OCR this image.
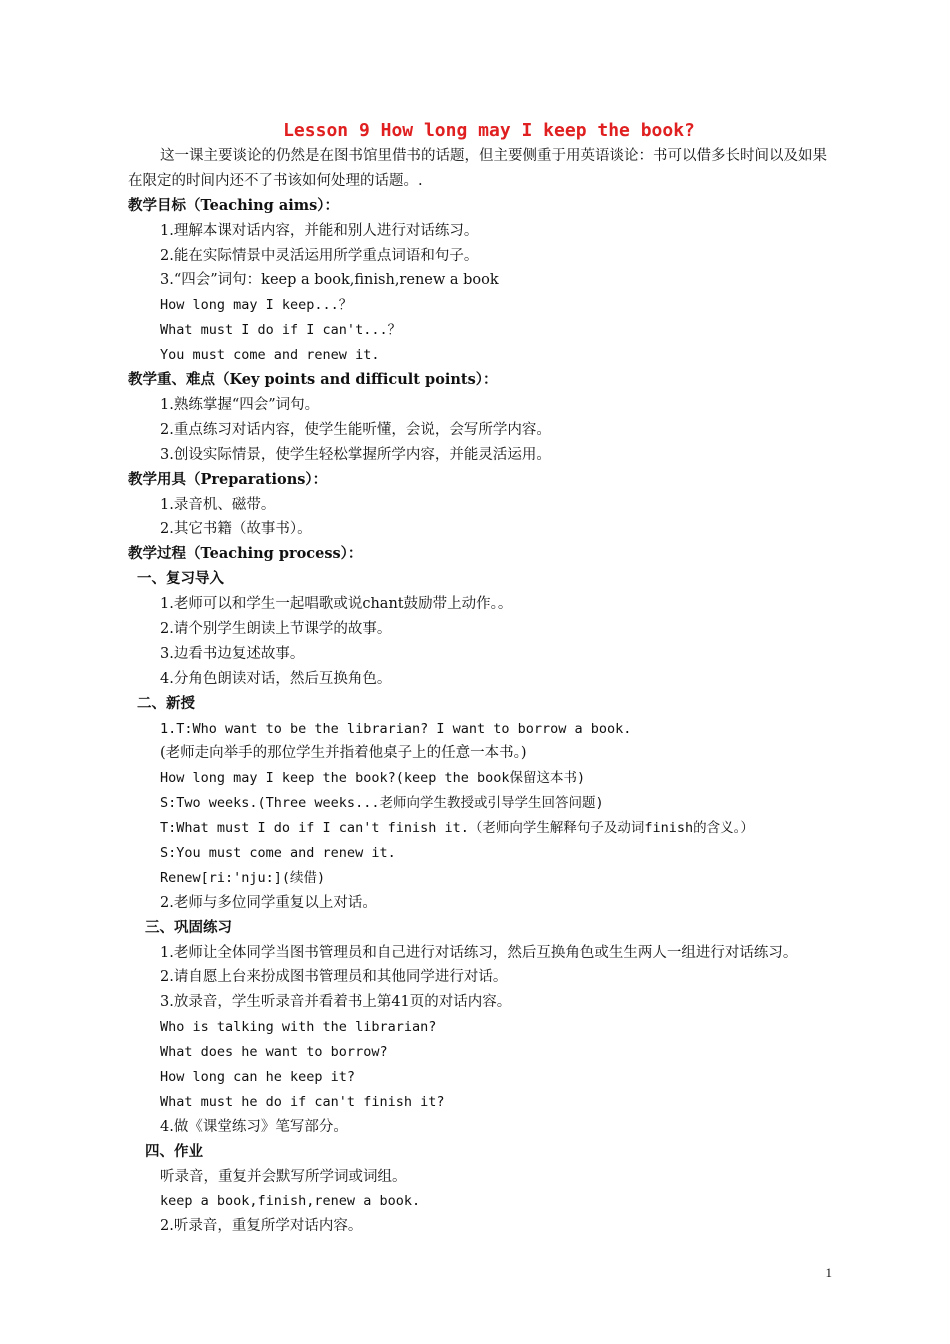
Lesson 9 How long may I keep the book?
这一课主要谈论的仍然是在图书馆里借书的话题，但主要侧重于用英语谈论：书可以借多长时间以及如果在限定的时间内还不了书该如何处理的话题。.
教学目标（Teaching aims）：
1.理解本课对话内容，并能和别人进行对话练习。
2.能在实际情景中灵活运用所学重点词语和句子。
3.“四会”词句：keep a book,finish,renew a book
How long may I keep...？
What must I do if I can't...？
You must come and renew it.
教学重、难点（Key points and difficult points）：
1.熟练掌握“四会”词句。
2.重点练习对话内容，使学生能听懂，会说，会写所学内容。
3.创设实际情景，使学生轻松掌握所学内容，并能灵活运用。
教学用具（Preparations）：
1.录音机、磁带。
2.其它书籍（故事书）。
教学过程（Teaching process）：
一、复习导入
1.老师可以和学生一起唱歌或说chant鼓励带上动作。。
2.请个别学生朗读上节课学的故事。
3.边看书边复述故事。
4.分角色朗读对话，然后互换角色。
二、新授
1.T:Who want to be the librarian? I want to borrow a book.
(老师走向举手的那位学生并指着他桌子上的任意一本书。)
How long may I keep the book?(keep the book保留这本书)
S:Two weeks.(Three weeks...老师向学生教授或引导学生回答问题)
T:What must I do if I can't finish it.（老师向学生解释句子及动词finish的含义。）
S:You must come and renew it.
Renew[ri:'nju:](续借)
2.老师与多位同学重复以上对话。
三、巩固练习
1.老师让全体同学当图书管理员和自己进行对话练习，然后互换角色或生生两人一组进行对话练习。
2.请自愿上台来扮成图书管理员和其他同学进行对话。
3.放录音，学生听录音并看着书上第41页的对话内容。
Who is talking with the librarian?
What does he want to borrow?
How long can he keep it?
What must he do if can't finish it?
4.做《课堂练习》笔写部分。
四、作业
听录音，重复并会默写所学词或词组。
keep a book,finish,renew a book.
2.听录音，重复所学对话内容。
1
